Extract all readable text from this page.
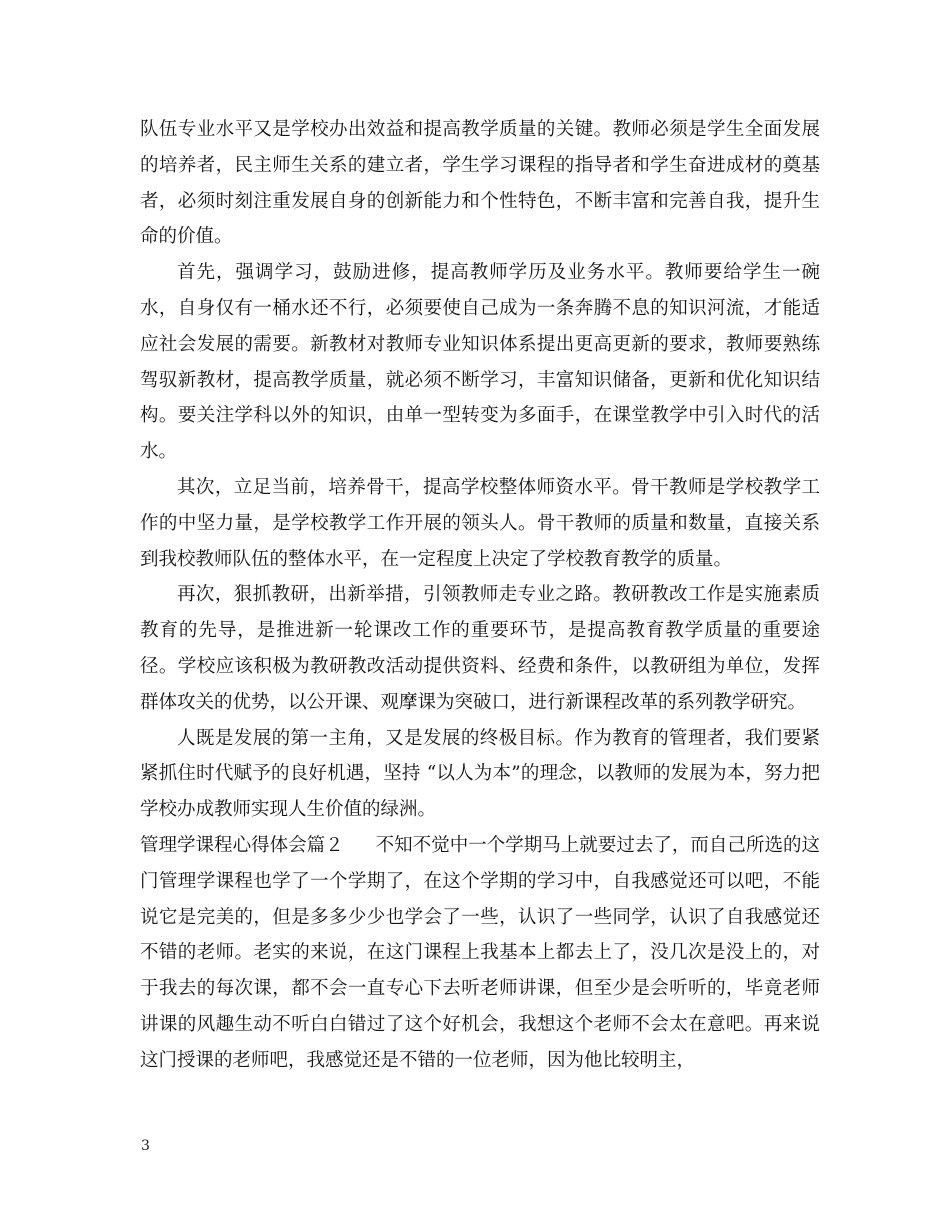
队伍专业水平又是学校办出效益和提高教学质量的关键。教师必须是学生全面发展的培养者，民主师生关系的建立者，学生学习课程的指导者和学生奋进成材的奠基者，必须时刻注重发展自身的创新能力和个性特色，不断丰富和完善自我，提升生命的价值。

首先，强调学习，鼓励进修，提高教师学历及业务水平。教师要给学生一碗水，自身仅有一桶水还不行，必须要使自己成为一条奔腾不息的知识河流，才能适应社会发展的需要。新教材对教师专业知识体系提出更高更新的要求，教师要熟练驾驭新教材，提高教学质量，就必须不断学习，丰富知识储备，更新和优化知识结构。要关注学科以外的知识，由单一型转变为多面手，在课堂教学中引入时代的活水。

其次，立足当前，培养骨干，提高学校整体师资水平。骨干教师是学校教学工作的中坚力量，是学校教学工作开展的领头人。骨干教师的质量和数量，直接关系到我校教师队伍的整体水平，在一定程度上决定了学校教育教学的质量。

再次，狠抓教研，出新举措，引领教师走专业之路。教研教改工作是实施素质教育的先导，是推进新一轮课改工作的重要环节，是提高教育教学质量的重要途径。学校应该积极为教研教改活动提供资料、经费和条件，以教研组为单位，发挥群体攻关的优势，以公开课、观摩课为突破口，进行新课程改革的系列教学研究。

人既是发展的第一主角，又是发展的终极目标。作为教育的管理者，我们要紧紧抓住时代赋予的良好机遇，坚持 “以人为本”的理念，以教师的发展为本，努力把学校办成教师实现人生价值的绿洲。

管理学课程心得体会篇２ 不知不觉中一个学期马上就要过去了，而自己所选的这门管理学课程也学了一个学期了，在这个学期的学习中，自我感觉还可以吧，不能说它是完美的，但是多多少少也学会了一些，认识了一些同学，认识了自我感觉还不错的老师。老实的来说，在这门课程上我基本上都去上了，没几次是没上的，对于我去的每次课，都不会一直专心下去听老师讲课，但至少是会听听的，毕竟老师讲课的风趣生动不听白白错过了这个好机会，我想这个老师不会太在意吧。再来说这门授课的老师吧，我感觉还是不错的一位老师，因为他比较明主，

3
